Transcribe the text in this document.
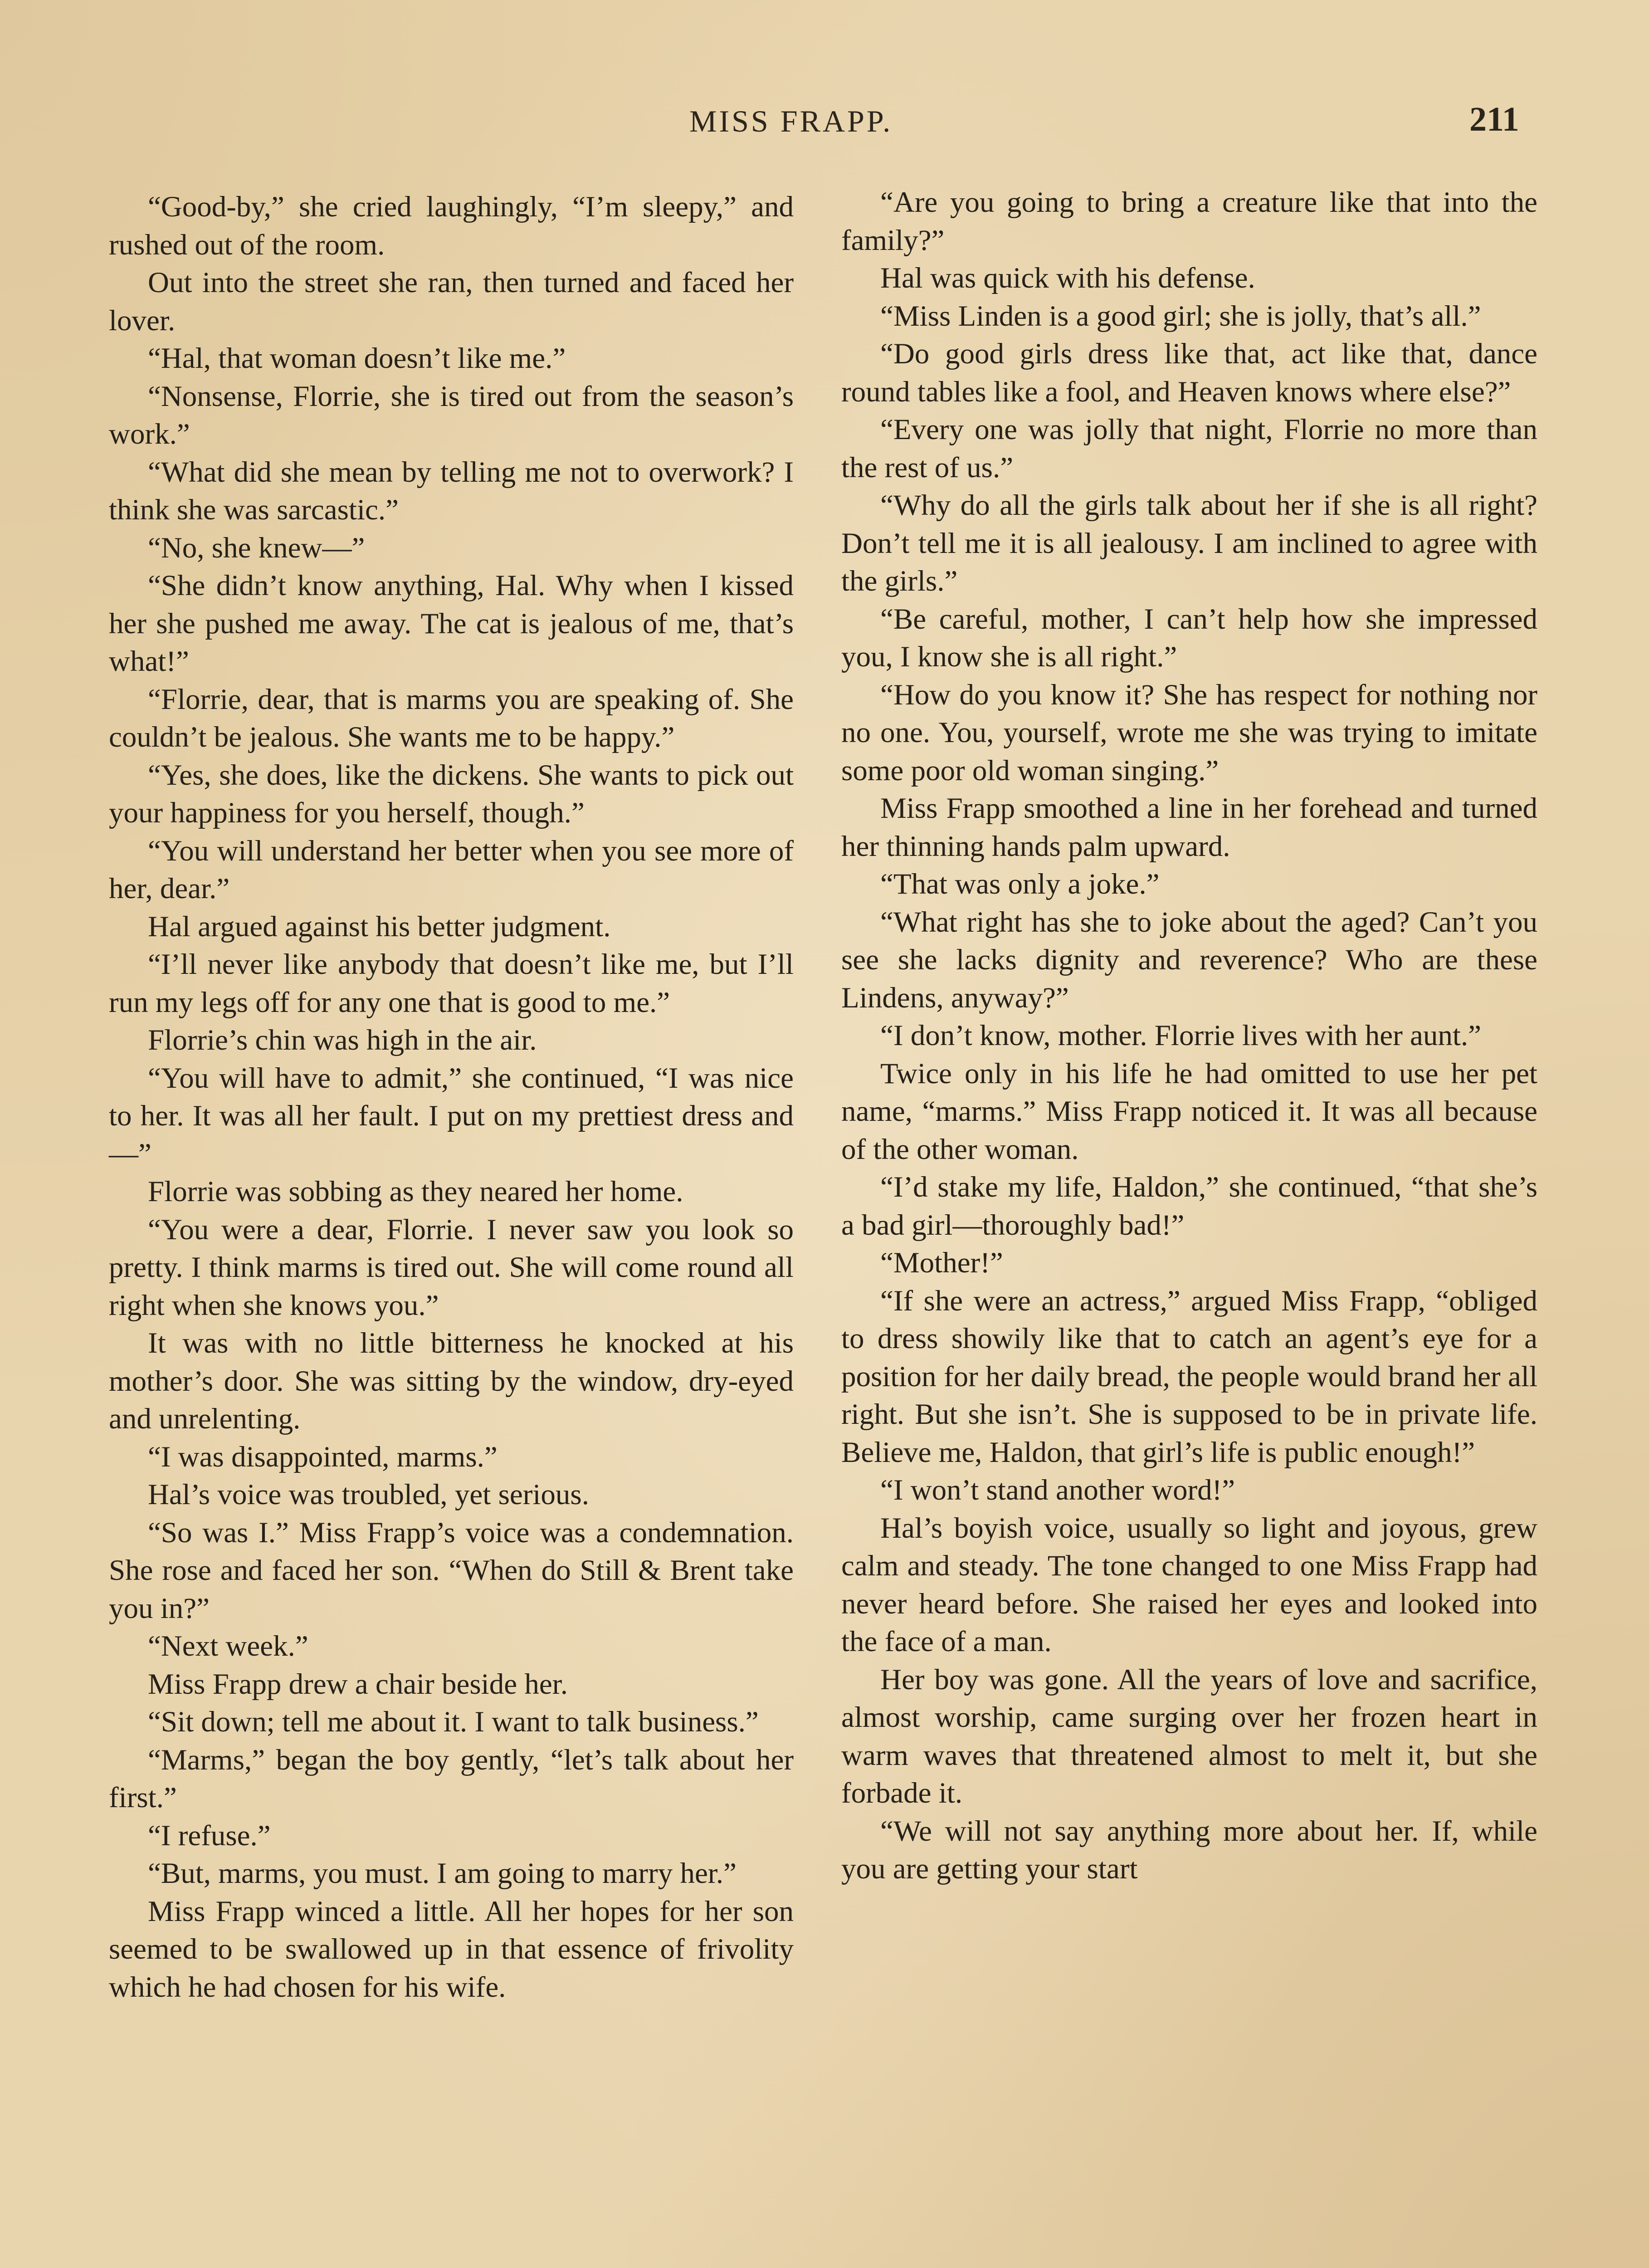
MISS FRAPP.	211

“Good-by,” she cried laughingly, “I’m sleepy,” and rushed out of the room.

Out into the street she ran, then turned and faced her lover.

“Hal, that woman doesn’t like me.”

“Nonsense, Florrie, she is tired out from the season’s work.”

“What did she mean by telling me not to overwork? I think she was sarcastic.”

“No, she knew—”

“She didn’t know anything, Hal. Why when I kissed her she pushed me away. The cat is jealous of me, that’s what!”

“Florrie, dear, that is marms you are speaking of. She couldn’t be jealous. She wants me to be happy.”

“Yes, she does, like the dickens. She wants to pick out your happiness for you herself, though.”

“You will understand her better when you see more of her, dear.”

Hal argued against his better judgment.

“I’ll never like anybody that doesn’t like me, but I’ll run my legs off for any one that is good to me.”

Florrie’s chin was high in the air.

“You will have to admit,” she continued, “I was nice to her. It was all her fault. I put on my prettiest dress and—”

Florrie was sobbing as they neared her home.

“You were a dear, Florrie. I never saw you look so pretty. I think marms is tired out. She will come round all right when she knows you.”

It was with no little bitterness he knocked at his mother’s door. She was sitting by the window, dry-eyed and unrelenting.

“I was disappointed, marms.”

Hal’s voice was troubled, yet serious.

“So was I.” Miss Frapp’s voice was a condemnation. She rose and faced her son. “When do Still & Brent take you in?”

“Next week.”

Miss Frapp drew a chair beside her.

“Sit down; tell me about it. I want to talk business.”

“Marms,” began the boy gently, “let’s talk about her first.”

“I refuse.”

“But, marms, you must. I am going to marry her.”

Miss Frapp winced a little. All her hopes for her son seemed to be swallowed up in that essence of frivolity which he had chosen for his wife.

“Are you going to bring a creature like that into the family?”

Hal was quick with his defense.

“Miss Linden is a good girl; she is jolly, that’s all.”

“Do good girls dress like that, act like that, dance round tables like a fool, and Heaven knows where else?”

“Every one was jolly that night, Florrie no more than the rest of us.”

“Why do all the girls talk about her if she is all right? Don’t tell me it is all jealousy. I am inclined to agree with the girls.”

“Be careful, mother, I can’t help how she impressed you, I know she is all right.”

“How do you know it? She has respect for nothing nor no one. You, yourself, wrote me she was trying to imitate some poor old woman singing.”

Miss Frapp smoothed a line in her forehead and turned her thinning hands palm upward.

“That was only a joke.”

“What right has she to joke about the aged? Can’t you see she lacks dignity and reverence? Who are these Lindens, anyway?”

“I don’t know, mother. Florrie lives with her aunt.”

Twice only in his life he had omitted to use her pet name, “marms.” Miss Frapp noticed it. It was all because of the other woman.

“I’d stake my life, Haldon,” she continued, “that she’s a bad girl—thoroughly bad!”

“Mother!”

“If she were an actress,” argued Miss Frapp, “obliged to dress showily like that to catch an agent’s eye for a position for her daily bread, the people would brand her all right. But she isn’t. She is supposed to be in private life. Believe me, Haldon, that girl’s life is public enough!”

“I won’t stand another word!”

Hal’s boyish voice, usually so light and joyous, grew calm and steady. The tone changed to one Miss Frapp had never heard before. She raised her eyes and looked into the face of a man.

Her boy was gone. All the years of love and sacrifice, almost worship, came surging over her frozen heart in warm waves that threatened almost to melt it, but she forbade it.

“We will not say anything more about her. If, while you are getting your start
